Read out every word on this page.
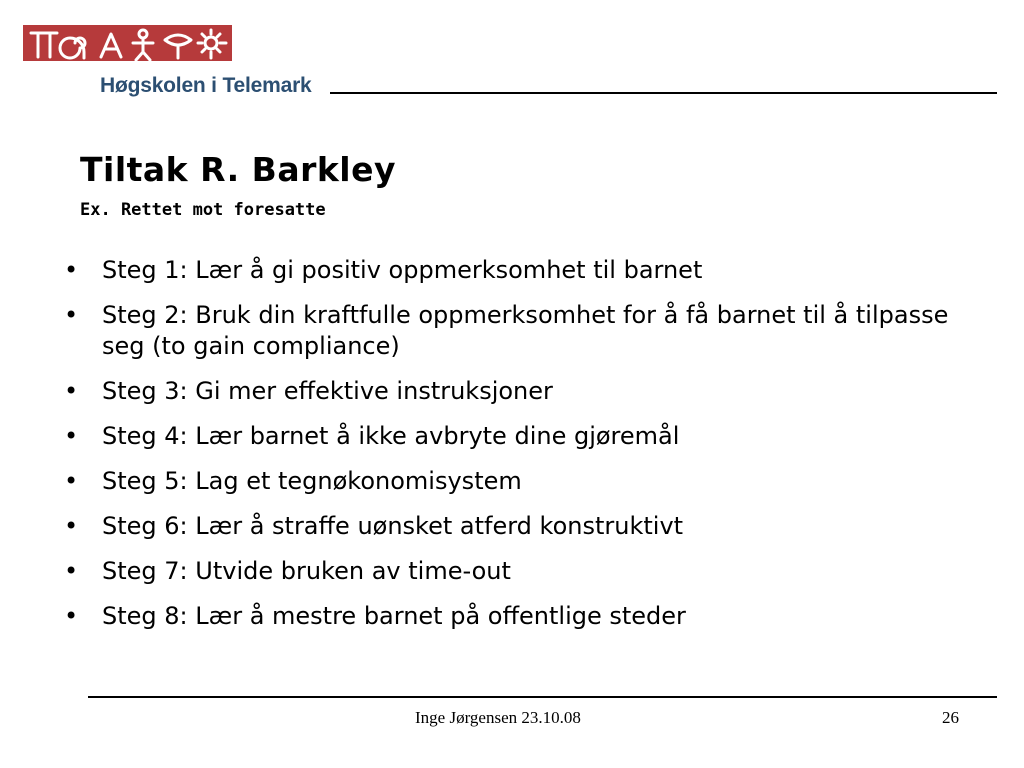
Høgskolen i Telemark
Tiltak R. Barkley
Ex. Rettet mot foresatte
• Steg 1: Lær å gi positiv oppmerksomhet til barnet
• Steg 2: Bruk din kraftfulle oppmerksomhet for å få barnet til å tilpasse seg (to gain compliance)
• Steg 3: Gi mer effektive instruksjoner
• Steg 4: Lær barnet å ikke avbryte dine gjøremål
• Steg 5: Lag et tegnøkonomisystem
• Steg 6: Lær å straffe uønsket atferd konstruktivt
• Steg 7: Utvide bruken av time-out
• Steg 8: Lær å mestre barnet på offentlige steder
Inge Jørgensen 23.10.08	26
